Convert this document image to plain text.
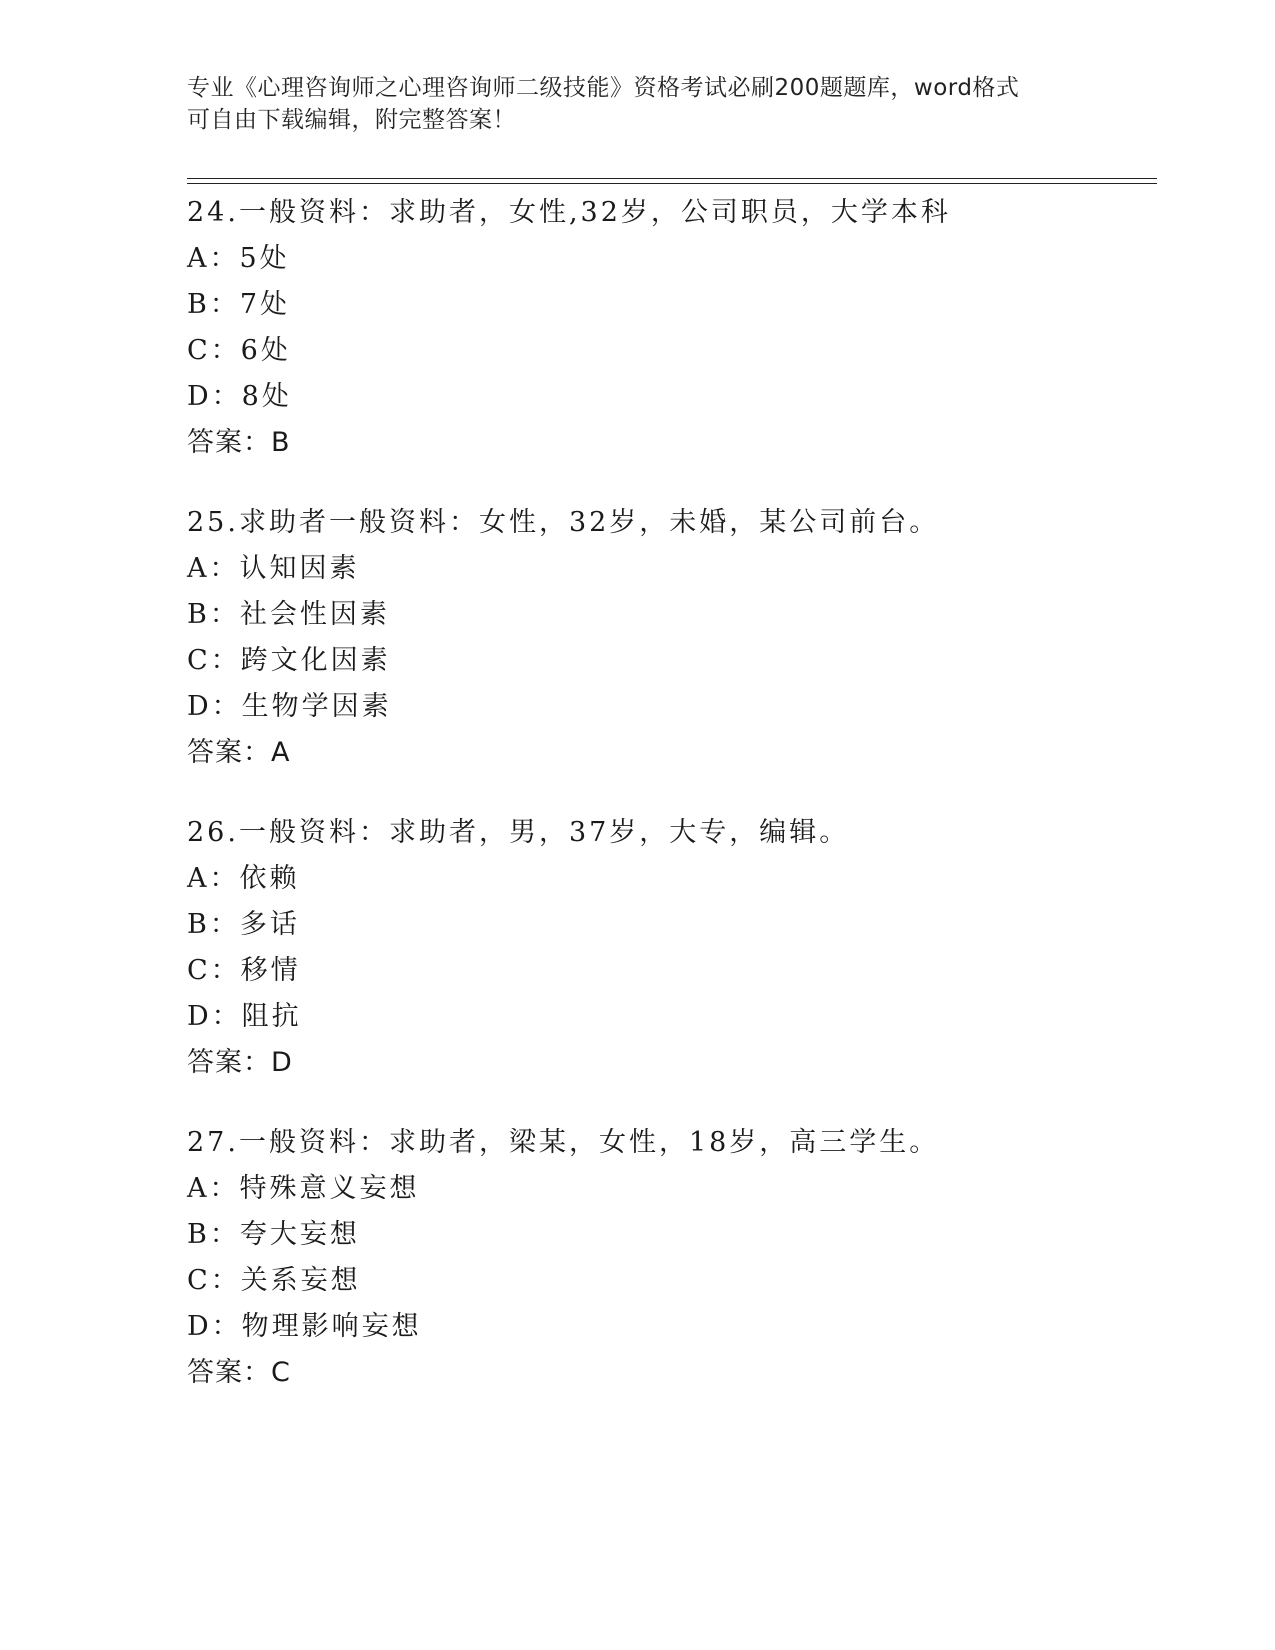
专业《心理咨询师之心理咨询师二级技能》资格考试必刷200题题库，word格式

可自由下载编辑，附完整答案！

24.一般资料：求助者，女性,32岁，公司职员，大学本科
A：5处
B：7处
C：6处
D：8处
答案：B
25.求助者一般资料：女性，32岁，未婚，某公司前台。
A：认知因素
B：社会性因素
C：跨文化因素
D：生物学因素
答案：A
26.一般资料：求助者，男，37岁，大专，编辑。
A：依赖
B：多话
C：移情
D：阻抗
答案：D
27.一般资料：求助者，梁某，女性，18岁，高三学生。
A：特殊意义妄想
B：夸大妄想
C：关系妄想
D：物理影响妄想
答案：C
